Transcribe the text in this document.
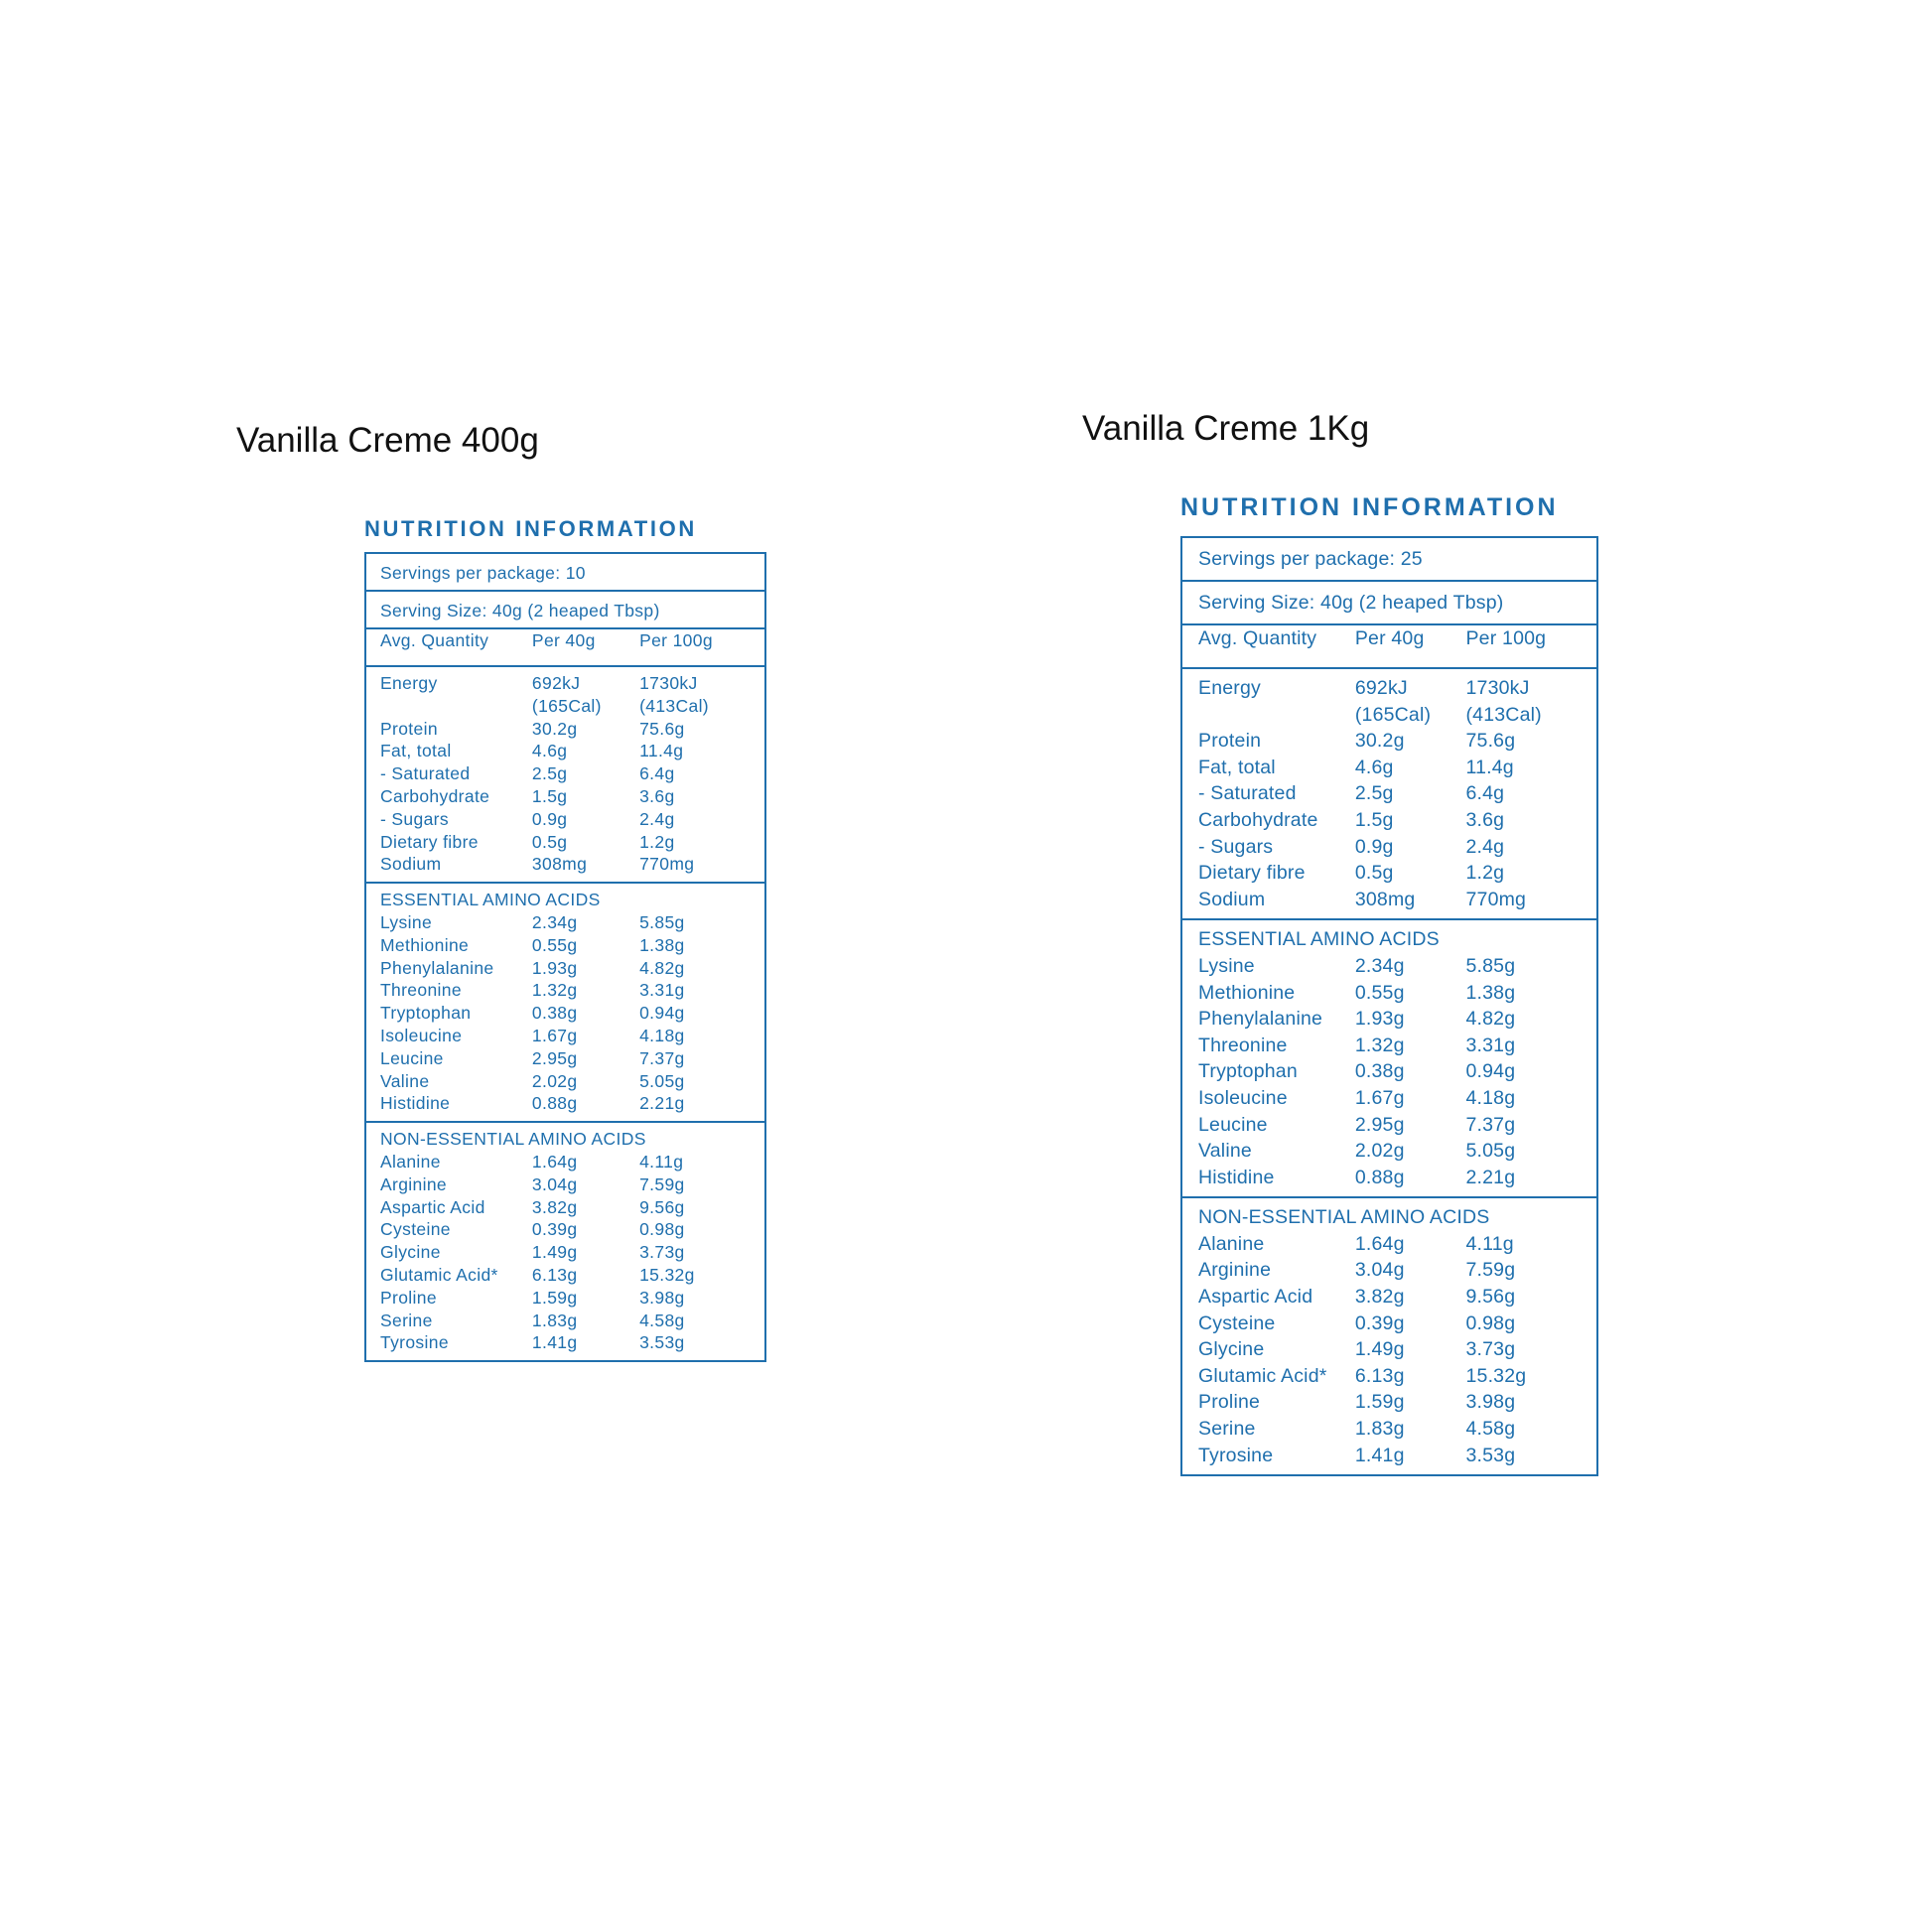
Vanilla Creme 400g
NUTRITION INFORMATION
Servings per package: 10
Serving Size: 40g (2 heaped Tbsp)
Avg. Quantity	Per 40g	Per 100g
Energy	692kJ	1730kJ
(165Cal)	(413Cal)
Protein	30.2g	75.6g
Fat, total	4.6g	11.4g
- Saturated	2.5g	6.4g
Carbohydrate	1.5g	3.6g
- Sugars	0.9g	2.4g
Dietary fibre	0.5g	1.2g
Sodium	308mg	770mg
ESSENTIAL AMINO ACIDS
Lysine	2.34g	5.85g
Methionine	0.55g	1.38g
Phenylalanine	1.93g	4.82g
Threonine	1.32g	3.31g
Tryptophan	0.38g	0.94g
Isoleucine	1.67g	4.18g
Leucine	2.95g	7.37g
Valine	2.02g	5.05g
Histidine	0.88g	2.21g
NON-ESSENTIAL AMINO ACIDS
Alanine	1.64g	4.11g
Arginine	3.04g	7.59g
Aspartic Acid	3.82g	9.56g
Cysteine	0.39g	0.98g
Glycine	1.49g	3.73g
Glutamic Acid*	6.13g	15.32g
Proline	1.59g	3.98g
Serine	1.83g	4.58g
Tyrosine	1.41g	3.53g
Vanilla Creme 1Kg
NUTRITION INFORMATION
Servings per package: 25
Serving Size: 40g (2 heaped Tbsp)
Avg. Quantity	Per 40g	Per 100g
Energy	692kJ	1730kJ
(165Cal)	(413Cal)
Protein	30.2g	75.6g
Fat, total	4.6g	11.4g
- Saturated	2.5g	6.4g
Carbohydrate	1.5g	3.6g
- Sugars	0.9g	2.4g
Dietary fibre	0.5g	1.2g
Sodium	308mg	770mg
ESSENTIAL AMINO ACIDS
Lysine	2.34g	5.85g
Methionine	0.55g	1.38g
Phenylalanine	1.93g	4.82g
Threonine	1.32g	3.31g
Tryptophan	0.38g	0.94g
Isoleucine	1.67g	4.18g
Leucine	2.95g	7.37g
Valine	2.02g	5.05g
Histidine	0.88g	2.21g
NON-ESSENTIAL AMINO ACIDS
Alanine	1.64g	4.11g
Arginine	3.04g	7.59g
Aspartic Acid	3.82g	9.56g
Cysteine	0.39g	0.98g
Glycine	1.49g	3.73g
Glutamic Acid*	6.13g	15.32g
Proline	1.59g	3.98g
Serine	1.83g	4.58g
Tyrosine	1.41g	3.53g
